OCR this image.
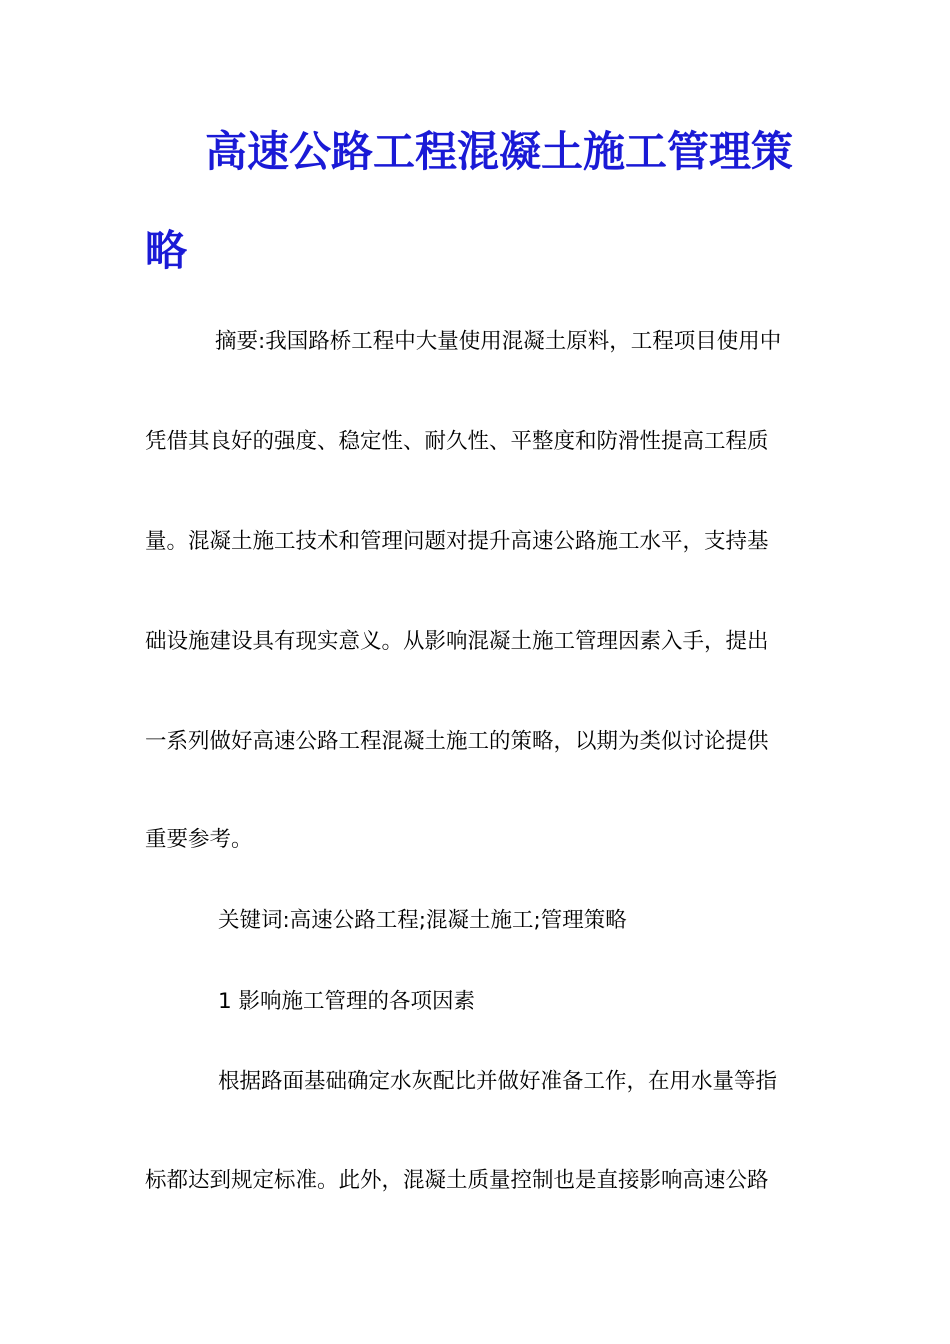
高速公路工程混凝土施工管理策
略
摘要:我国路桥工程中大量使用混凝土原料，工程项目使用中
凭借其良好的强度、稳定性、耐久性、平整度和防滑性提高工程质
量。混凝土施工技术和管理问题对提升高速公路施工水平，支持基
础设施建设具有现实意义。从影响混凝土施工管理因素入手，提出
一系列做好高速公路工程混凝土施工的策略，以期为类似讨论提供
重要参考。
关键词:高速公路工程;混凝土施工;管理策略
1 影响施工管理的各项因素
根据路面基础确定水灰配比并做好准备工作，在用水量等指
标都达到规定标准。此外，混凝土质量控制也是直接影响高速公路
